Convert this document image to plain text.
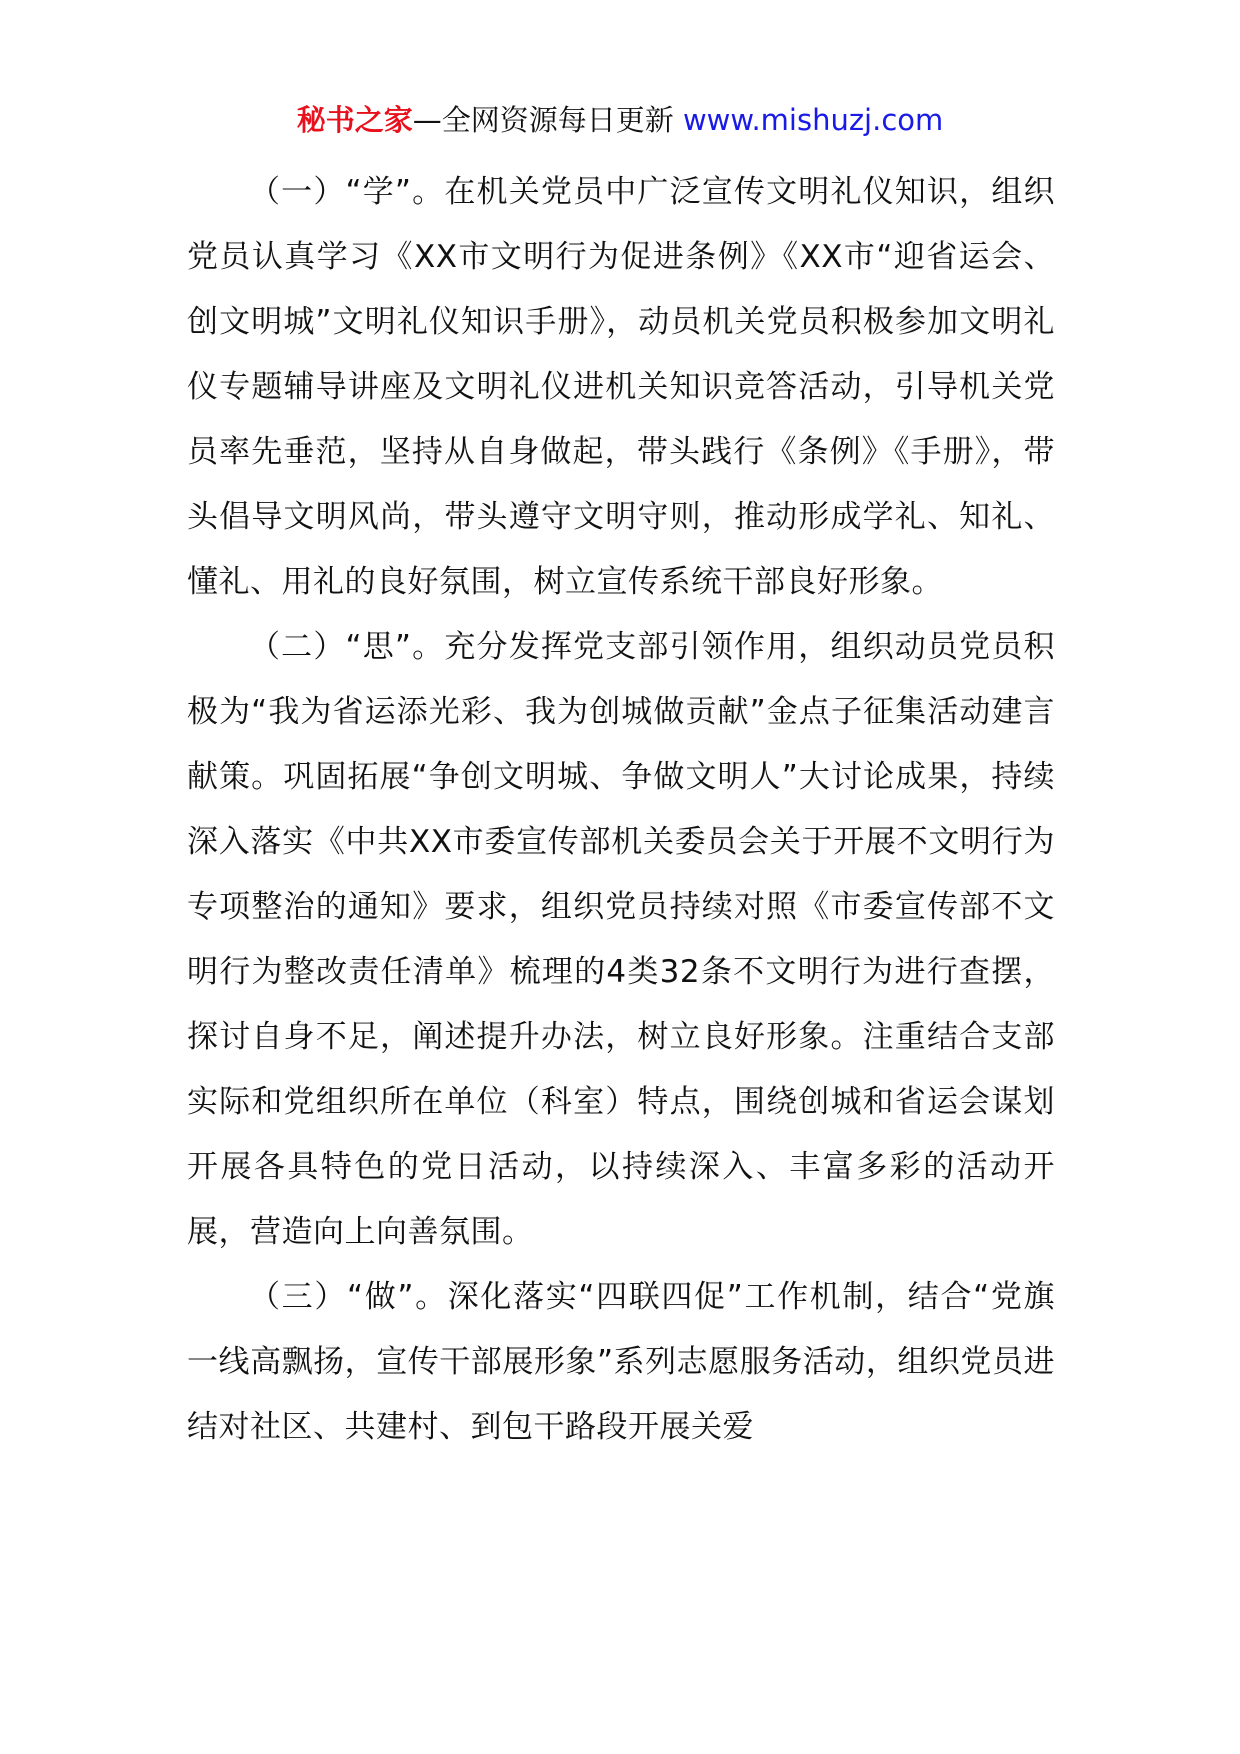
秘书之家—全网资源每日更新 www.mishuzj.com

（一）“学”。在机关党员中广泛宣传文明礼仪知识，组织党员认真学习《XX市文明行为促进条例》《XX市“迎省运会、创文明城”文明礼仪知识手册》，动员机关党员积极参加文明礼仪专题辅导讲座及文明礼仪进机关知识竞答活动，引导机关党员率先垂范，坚持从自身做起，带头践行《条例》《手册》，带头倡导文明风尚，带头遵守文明守则，推动形成学礼、知礼、懂礼、用礼的良好氛围，树立宣传系统干部良好形象。

（二）“思”。充分发挥党支部引领作用，组织动员党员积极为“我为省运添光彩、我为创城做贡献”金点子征集活动建言献策。巩固拓展“争创文明城、争做文明人”大讨论成果，持续深入落实《中共XX市委宣传部机关委员会关于开展不文明行为专项整治的通知》要求，组织党员持续对照《市委宣传部不文明行为整改责任清单》梳理的4类32条不文明行为进行查摆，探讨自身不足，阐述提升办法，树立良好形象。注重结合支部实际和党组织所在单位（科室）特点，围绕创城和省运会谋划开展各具特色的党日活动，以持续深入、丰富多彩的活动开展，营造向上向善氛围。

（三）“做”。深化落实“四联四促”工作机制，结合“党旗一线高飘扬，宣传干部展形象”系列志愿服务活动，组织党员进结对社区、共建村、到包干路段开展关爱
